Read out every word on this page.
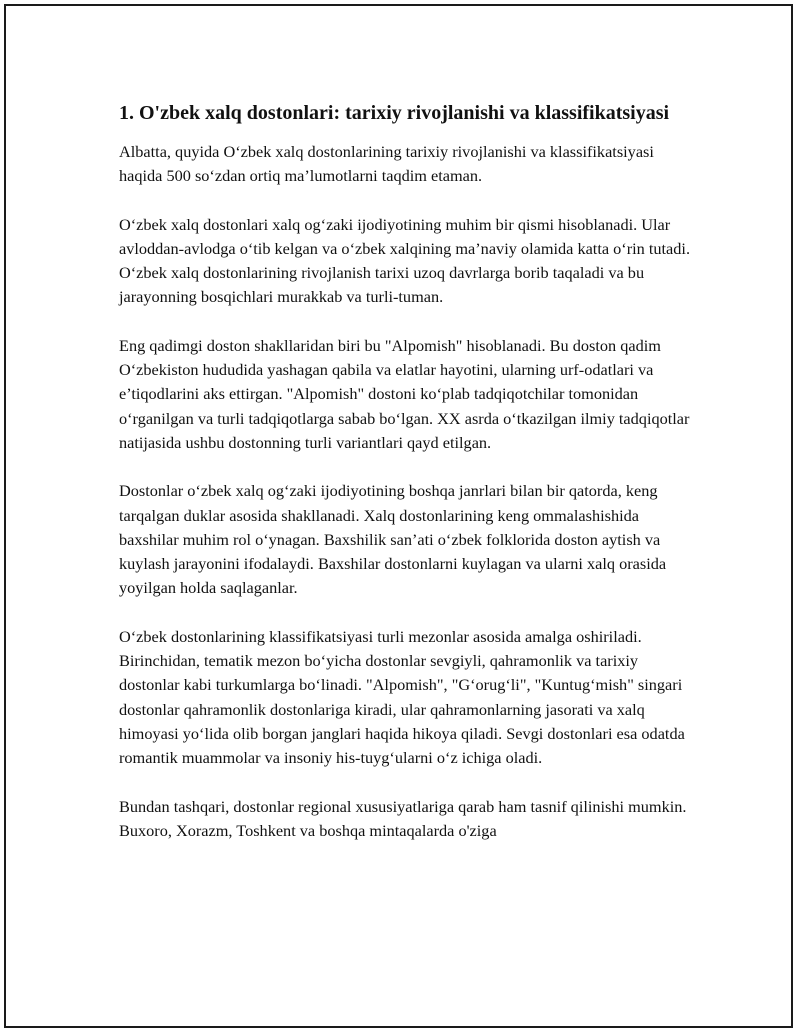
1. O'zbek xalq dostonlari: tarixiy rivojlanishi va klassifikatsiyasi

Albatta, quyida O‘zbek xalq dostonlarining tarixiy rivojlanishi va klassifikatsiyasi haqida 500 so‘zdan ortiq ma’lumotlarni taqdim etaman.

O‘zbek xalq dostonlari xalq og‘zaki ijodiyotining muhim bir qismi hisoblanadi. Ular avloddan-avlodga o‘tib kelgan va o‘zbek xalqining ma’naviy olamida katta o‘rin tutadi. O‘zbek xalq dostonlarining rivojlanish tarixi uzoq davrlarga borib taqaladi va bu jarayonning bosqichlari murakkab va turli-tuman.

Eng qadimgi doston shakllaridan biri bu "Alpomish" hisoblanadi. Bu doston qadim O‘zbekiston hududida yashagan qabila va elatlar hayotini, ularning urf-odatlari va e’tiqodlarini aks ettirgan. "Alpomish" dostoni ko‘plab tadqiqotchilar tomonidan o‘rganilgan va turli tadqiqotlarga sabab bo‘lgan. XX asrda o‘tkazilgan ilmiy tadqiqotlar natijasida ushbu dostonning turli variantlari qayd etilgan.

Dostonlar o‘zbek xalq og‘zaki ijodiyotining boshqa janrlari bilan bir qatorda, keng tarqalgan duklar asosida shakllanadi. Xalq dostonlarining keng ommalashishida baxshilar muhim rol o‘ynagan. Baxshilik san’ati o‘zbek folklorida doston aytish va kuylash jarayonini ifodalaydi. Baxshilar dostonlarni kuylagan va ularni xalq orasida yoyilgan holda saqlaganlar.

O‘zbek dostonlarining klassifikatsiyasi turli mezonlar asosida amalga oshiriladi. Birinchidan, tematik mezon bo‘yicha dostonlar sevgiyli, qahramonlik va tarixiy dostonlar kabi turkumlarga bo‘linadi. "Alpomish", "G‘orug‘li", "Kuntug‘mish" singari dostonlar qahramonlik dostonlariga kiradi, ular qahramonlarning jasorati va xalq himoyasi yo‘lida olib borgan janglari haqida hikoya qiladi. Sevgi dostonlari esa odatda romantik muammolar va insoniy his-tuyg‘ularni o‘z ichiga oladi.

Bundan tashqari, dostonlar regional xususiyatlariga qarab ham tasnif qilinishi mumkin. Buxoro, Xorazm, Toshkent va boshqa mintaqalarda o'ziga
